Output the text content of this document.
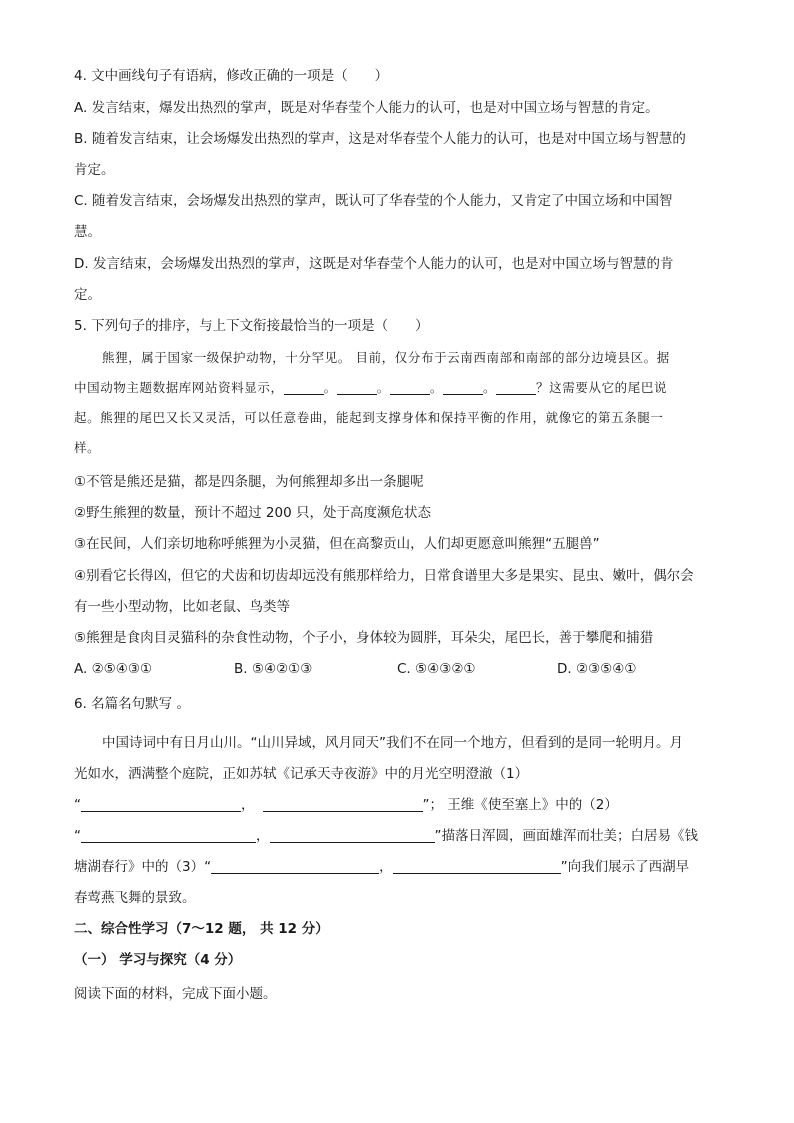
4. 文中画线句子有语病，修改正确的一项是（　　）
A. 发言结束，爆发出热烈的掌声，既是对华春莹个人能力的认可，也是对中国立场与智慧的肯定。
B. 随着发言结束，让会场爆发出热烈的掌声，这是对华春莹个人能力的认可，也是对中国立场与智慧的
肯定。
C. 随着发言结束，会场爆发出热烈的掌声，既认可了华春莹的个人能力，又肯定了中国立场和中国智
慧。
D. 发言结束，会场爆发出热烈的掌声，这既是对华春莹个人能力的认可，也是对中国立场与智慧的肯
定。
5. 下列句子的排序，与上下文衔接最恰当的一项是（　　）
熊狸，属于国家一级保护动物，十分罕见。 目前，仅分布于云南西南部和南部的部分边境县区。据
中国动物主题数据库网站资料显示，	。	。	。	。	？这需要从它的尾巴说
起。熊狸的尾巴又长又灵活，可以任意卷曲，能起到支撑身体和保持平衡的作用，就像它的第五条腿一
样。
①不管是熊还是猫，都是四条腿，为何熊狸却多出一条腿呢
②野生熊狸的数量，预计不超过 200 只，处于高度濒危状态
③在民间，人们亲切地称呼熊狸为小灵猫，但在高黎贡山，人们却更愿意叫熊狸“五腿兽”
④别看它长得凶，但它的犬齿和切齿却远没有熊那样给力，日常食谱里大多是果实、昆虫、嫩叶，偶尔会
有一些小型动物，比如老鼠、鸟类等
⑤熊狸是食肉目灵猫科的杂食性动物，个子小，身体较为圆胖，耳朵尖，尾巴长，善于攀爬和捕猎
A. ②⑤④③①	B. ⑤④②①③	C. ⑤④③②①	D. ②③⑤④①
6. 名篇名句默写 。
中国诗词中有日月山川。“山川异域，风月同天”我们不在同一个地方，但看到的是同一轮明月。月
光如水，洒满整个庭院，正如苏轼《记承天寺夜游》中的月光空明澄澈（1）
“	，	”； 王维《使至塞上》中的（2）
“	，	”描落日浑圆，画面雄浑而壮美；白居易《钱
塘湖春行》中的（3）“	，	”向我们展示了西湖早
春莺燕飞舞的景致。
二、综合性学习（7～12 题， 共 12 分）
（一） 学习与探究（4 分）
阅读下面的材料，完成下面小题。
